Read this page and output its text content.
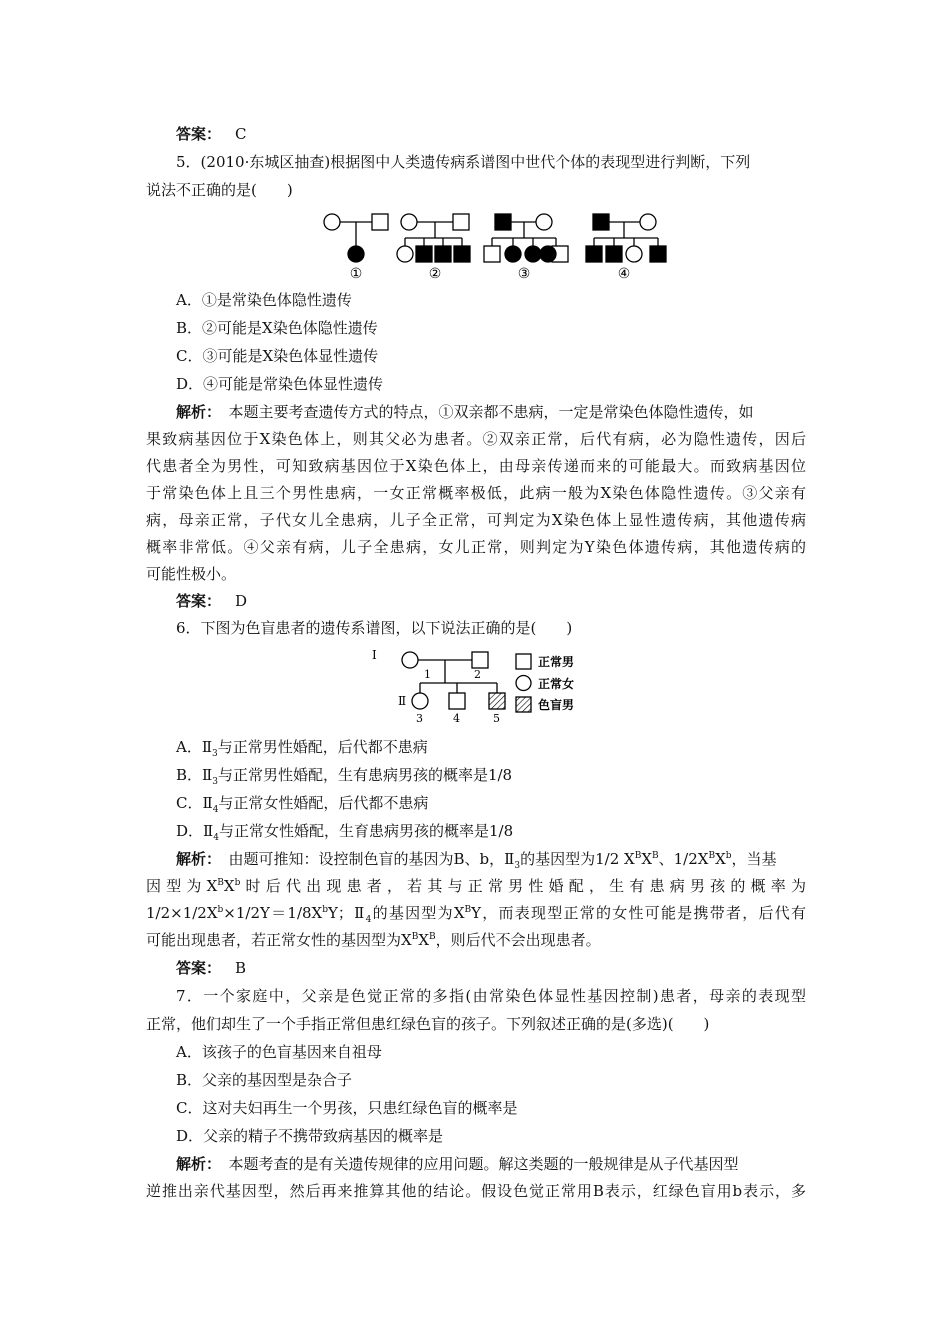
答案： C
5．(2010·东城区抽查)根据图中人类遗传病系谱图中世代个体的表现型进行判断，下列
说法不正确的是(　　)
①	②	③	④
A．①是常染色体隐性遗传
B．②可能是X染色体隐性遗传
C．③可能是X染色体显性遗传
D．④可能是常染色体显性遗传
解析：　 本题主要考查遗传方式的特点，①双亲都不患病，一定是常染色体隐性遗传，如
果致病基因位于X染色体上，则其父必为患者。②双亲正常，后代有病，必为隐性遗传，因后
代患者全为男性，可知致病基因位于X染色体上，由母亲传递而来的可能最大。而致病基因位
于常染色体上且三个男性患病，一女正常概率极低，此病一般为X染色体隐性遗传。③父亲有
病，母亲正常，子代女儿全患病，儿子全正常，可判定为X染色体上显性遗传病，其他遗传病
概率非常低。④父亲有病，儿子全患病，女儿正常，则判定为Y染色体遗传病，其他遗传病的
可能性极小。
答案： D
6．下图为色盲患者的遗传系谱图，以下说法正确的是(　　)
Ⅰ
Ⅱ
1	2
3	4	5
正常男
正常女
色盲男
A．$Ⅱ_3$与正常男性婚配，后代都不患病
B．$Ⅱ_3$与正常男性婚配，生有患病男孩的概率是1/8
C．$Ⅱ_4$与正常女性婚配，后代都不患病
D．$Ⅱ_4$与正常女性婚配，生育患病男孩的概率是1/8
解析：　 由题可推知：设控制色盲的基因为B、b，$Ⅱ_3$的基因型为1/2 $X^BX^B$、$1/2X^BX^b$，当基
因型为$X^BX^b$时后代出现患者，若其与正常男性婚配，生有患病男孩的概率为
$1/2\times 1/2X^b\times 1/2Y=1/8X^bY$；$Ⅱ_4$的基因型为$X^BY$，而表现型正常的女性可能是携带者，后代有
可能出现患者，若正常女性的基因型为$X^BX^B$，则后代不会出现患者。
答案： B
7．一个家庭中，父亲是色觉正常的多指(由常染色体显性基因控制)患者，母亲的表现型
正常，他们却生了一个手指正常但患红绿色盲的孩子。下列叙述正确的是(多选)(　　)
A．该孩子的色盲基因来自祖母
B．父亲的基因型是杂合子
C．这对夫妇再生一个男孩，只患红绿色盲的概率是
D．父亲的精子不携带致病基因的概率是
解析：　 本题考查的是有关遗传规律的应用问题。解这类题的一般规律是从子代基因型
逆推出亲代基因型，然后再来推算其他的结论。假设色觉正常用B表示，红绿色盲用b表示，多
